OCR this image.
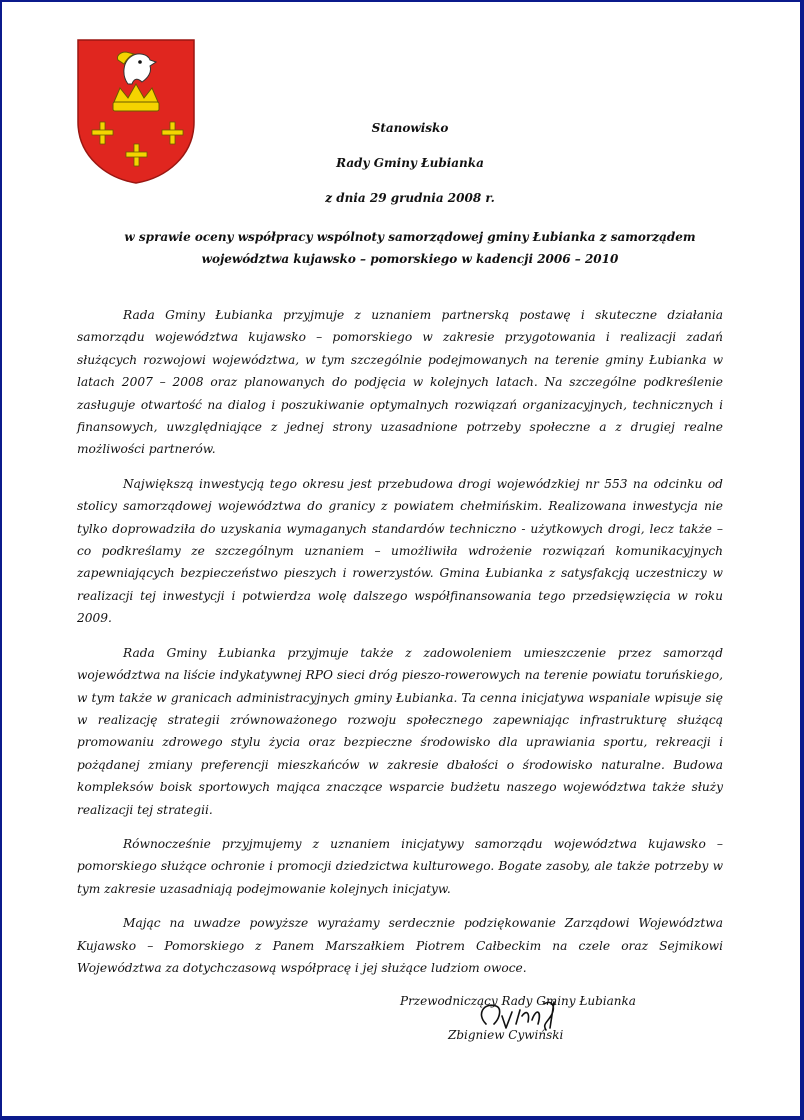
Stanowisko

Rady Gminy Łubianka

z dnia 29 grudnia 2008 r.

w sprawie oceny współpracy wspólnoty samorządowej gminy Łubianka z samorządem województwa kujawsko – pomorskiego w kadencji 2006 – 2010

Rada Gminy Łubianka przyjmuje z uznaniem partnerską postawę i skuteczne działania samorządu województwa kujawsko – pomorskiego w zakresie przygotowania i realizacji zadań służących rozwojowi województwa, w tym szczególnie podejmowanych na terenie gminy Łubianka w latach 2007 – 2008 oraz planowanych do podjęcia w kolejnych latach. Na szczególne podkreślenie zasługuje otwartość na dialog i poszukiwanie optymalnych rozwiązań organizacyjnych, technicznych i finansowych, uwzględniające z jednej strony uzasadnione potrzeby społeczne a z drugiej realne możliwości partnerów.

Największą inwestycją tego okresu jest przebudowa drogi wojewódzkiej nr 553 na odcinku od stolicy samorządowej województwa do granicy z powiatem chełmińskim. Realizowana inwestycja nie tylko doprowadziła do uzyskania wymaganych standardów techniczno - użytkowych drogi, lecz także – co podkreślamy ze szczególnym uznaniem – umożliwiła wdrożenie rozwiązań komunikacyjnych zapewniających bezpieczeństwo pieszych i rowerzystów. Gmina Łubianka z satysfakcją uczestniczy w realizacji tej inwestycji i potwierdza wolę dalszego współfinansowania tego przedsięwzięcia w roku 2009.

Rada Gminy Łubianka przyjmuje także z zadowoleniem umieszczenie przez samorząd województwa na liście indykatywnej RPO sieci dróg pieszo-rowerowych na terenie powiatu toruńskiego, w tym także w granicach administracyjnych gminy Łubianka. Ta cenna inicjatywa wspaniale wpisuje się w realizację strategii zrównoważonego rozwoju społecznego zapewniając infrastrukturę służącą promowaniu zdrowego stylu życia oraz bezpieczne środowisko dla uprawiania sportu, rekreacji i pożądanej zmiany preferencji mieszkańców w zakresie dbałości o środowisko naturalne. Budowa kompleksów boisk sportowych mająca znaczące wsparcie budżetu naszego województwa także służy realizacji tej strategii.

Równocześnie przyjmujemy z uznaniem inicjatywy samorządu województwa kujawsko – pomorskiego służące ochronie i promocji dziedzictwa kulturowego. Bogate zasoby, ale także potrzeby w tym zakresie uzasadniają podejmowanie kolejnych inicjatyw.

Mając na uwadze powyższe wyrażamy serdecznie podziękowanie Zarządowi Województwa Kujawsko – Pomorskiego z Panem Marszałkiem Piotrem Całbeckim na czele oraz Sejmikowi Województwa za dotychczasową współpracę i jej służące ludziom owoce.

Przewodniczący Rady Gminy Łubianka

Zbigniew Cywiński
